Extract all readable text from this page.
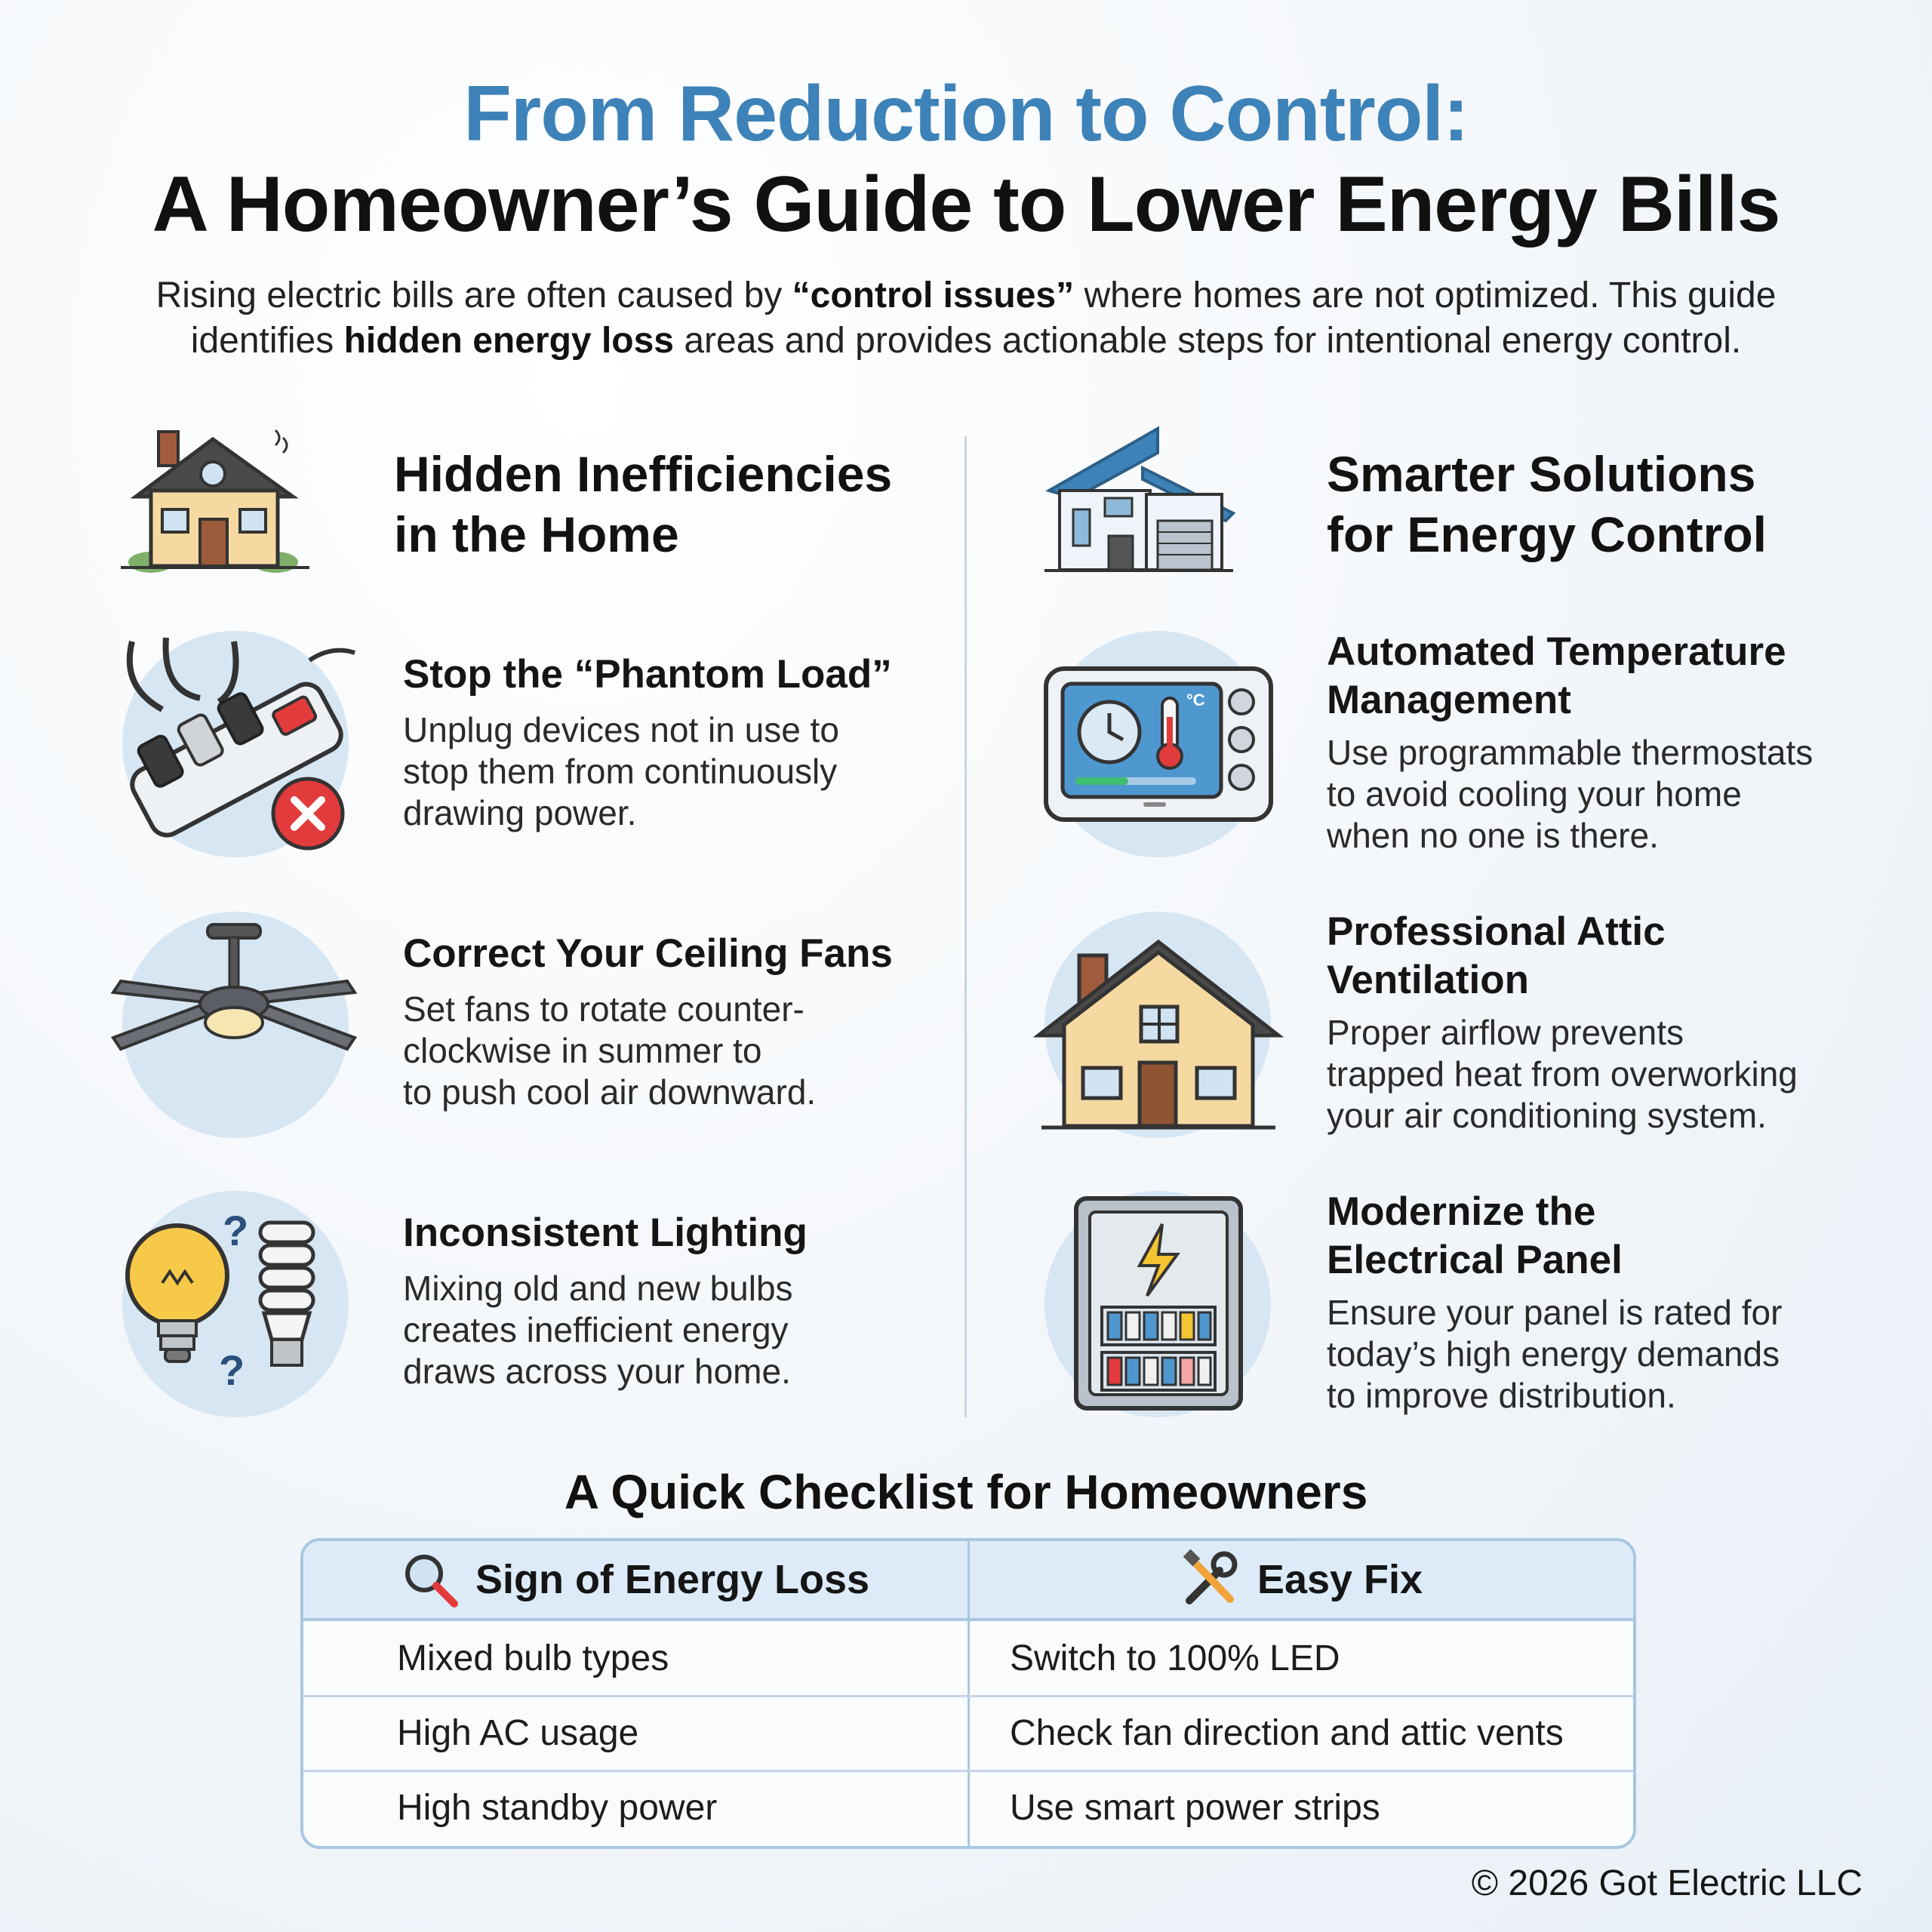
From Reduction to Control:
A Homeowner’s Guide to Lower Energy Bills
Rising electric bills are often caused by “control issues” where homes are not optimized. This guide
identifies hidden energy loss areas and provides actionable steps for intentional energy control.
Hidden Inefficiencies
in the Home
Smarter Solutions
for Energy Control
Stop the “Phantom Load”
Unplug devices not in use to
stop them from continuously
drawing power.
Correct Your Ceiling Fans
Set fans to rotate counter-
clockwise in summer to
to push cool air downward.
?
?
Inconsistent Lighting
Mixing old and new bulbs
creates inefficient energy
draws across your home.
°C
Automated Temperature
Management
Use programmable thermostats
to avoid cooling your home
when no one is there.
Professional Attic
Ventilation
Proper airflow prevents
trapped heat from overworking
your air conditioning system.
Modernize the
Electrical Panel
Ensure your panel is rated for
today’s high energy demands
to improve distribution.
A Quick Checklist for Homeowners
Sign of Energy Loss	Easy Fix
Mixed bulb types	Switch to 100% LED
High AC usage	Check fan direction and attic vents
High standby power	Use smart power strips
© 2026 Got Electric LLC
